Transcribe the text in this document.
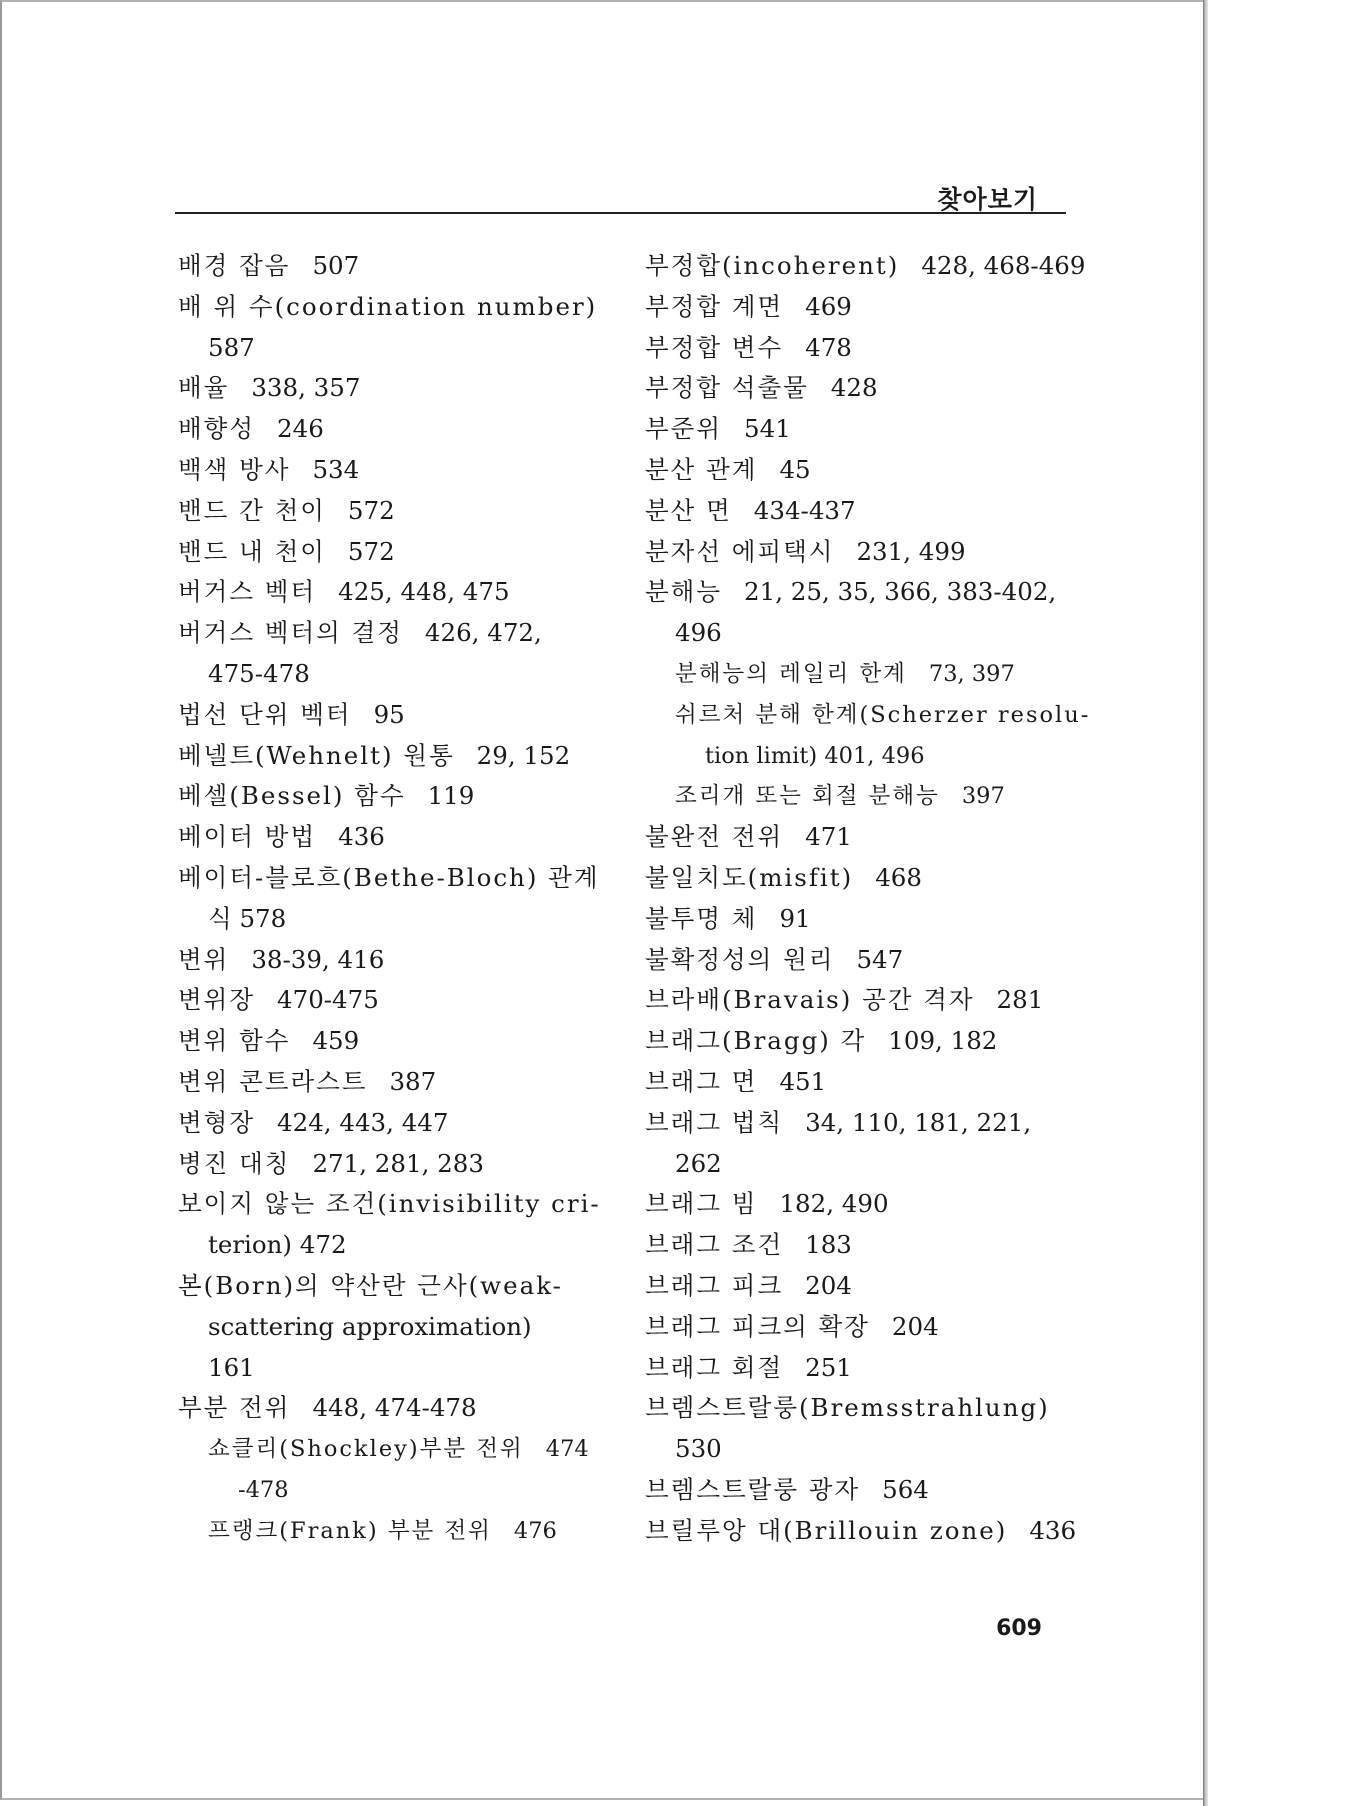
찾아보기
배경 잡음 507
배 위 수(coordination number)
587
배율 338, 357
배향성 246
백색 방사 534
밴드 간 천이 572
밴드 내 천이 572
버거스 벡터 425, 448, 475
버거스 벡터의 결정 426, 472,
475-478
법선 단위 벡터 95
베넬트(Wehnelt) 원통 29, 152
베셀(Bessel) 함수 119
베이터 방법 436
베이터-블로흐(Bethe-Bloch) 관계
식 578
변위 38-39, 416
변위장 470-475
변위 함수 459
변위 콘트라스트 387
변형장 424, 443, 447
병진 대칭 271, 281, 283
보이지 않는 조건(invisibility cri-
terion) 472
본(Born)의 약산란 근사(weak-
scattering approximation)
161
부분 전위 448, 474-478
쇼클리(Shockley)부분 전위 474
-478
프랭크(Frank) 부분 전위 476
부정합(incoherent) 428, 468-469
부정합 계면 469
부정합 변수 478
부정합 석출물 428
부준위 541
분산 관계 45
분산 면 434-437
분자선 에피택시 231, 499
분해능 21, 25, 35, 366, 383-402,
496
분해능의 레일리 한계 73, 397
쉬르처 분해 한계(Scherzer resolu-
tion limit) 401, 496
조리개 또는 회절 분해능 397
불완전 전위 471
불일치도(misfit) 468
불투명 체 91
불확정성의 원리 547
브라배(Bravais) 공간 격자 281
브래그(Bragg) 각 109, 182
브래그 면 451
브래그 법칙 34, 110, 181, 221,
262
브래그 빔 182, 490
브래그 조건 183
브래그 피크 204
브래그 피크의 확장 204
브래그 회절 251
브렘스트랄룽(Bremsstrahlung)
530
브렘스트랄룽 광자 564
브릴루앙 대(Brillouin zone) 436
609
